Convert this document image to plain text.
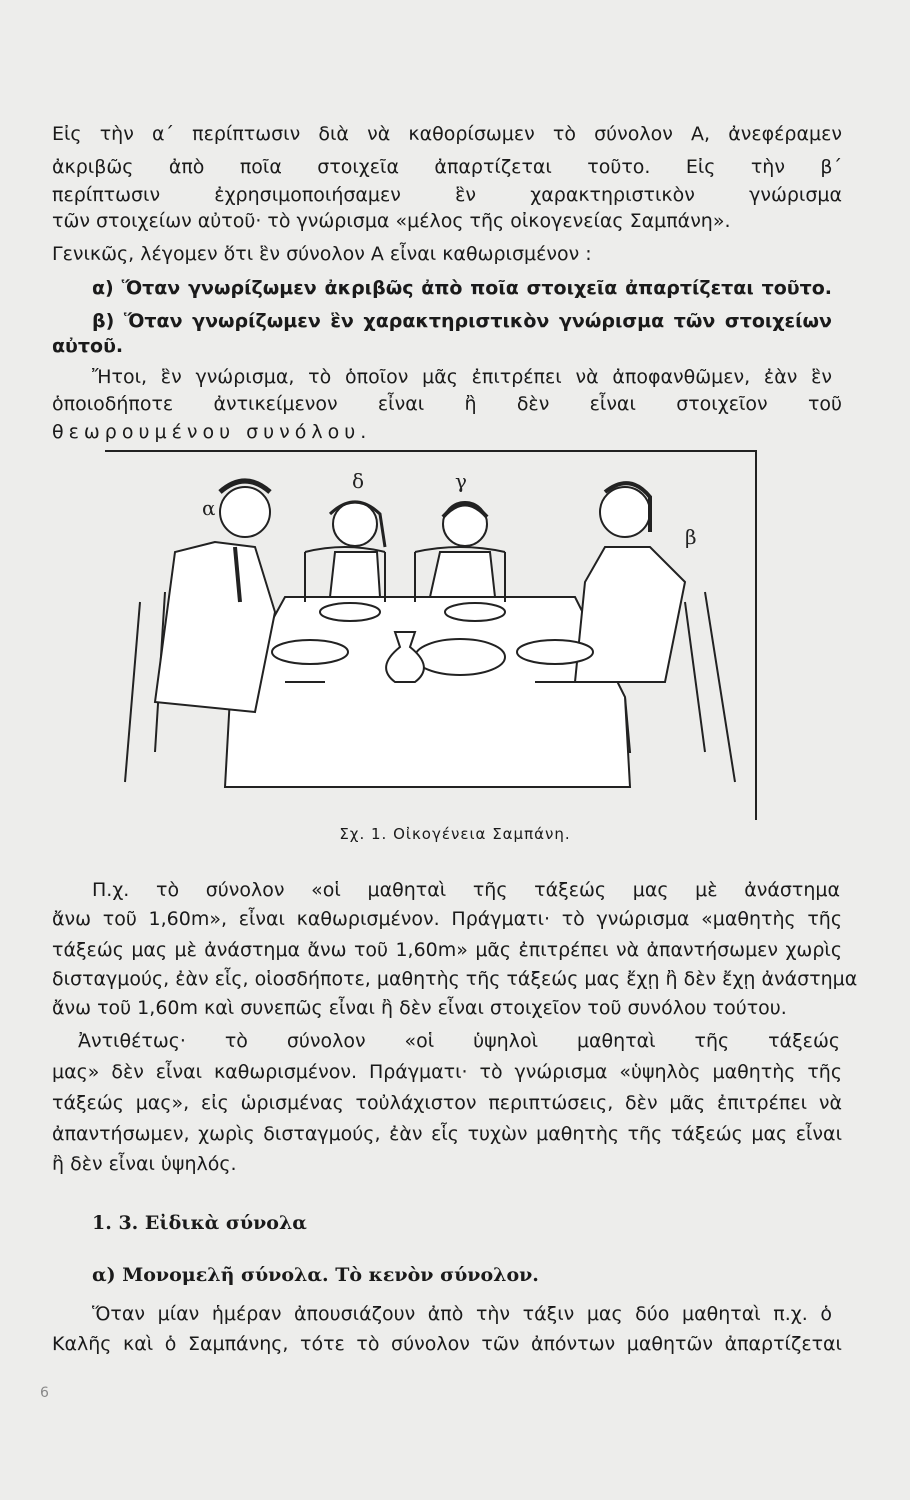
Εἰς τὴν α΄ περίπτωσιν διὰ νὰ καθορίσωμεν τὸ σύνολον Α, ἀνεφέραμεν
ἀκριβῶς ἀπὸ ποῖα στοιχεῖα ἀπαρτίζεται τοῦτο. Εἰς τὴν β΄
περίπτωσιν ἐχρησιμοποιήσαμεν ἓν χαρακτηριστικὸν γνώρισμα
τῶν στοιχείων αὐτοῦ· τὸ γνώρισμα «μέλος τῆς οἰκογενείας Σαμπάνη».
Γενικῶς, λέγομεν ὅτι ἓν σύνολον Α εἶναι καθωρισμένον :
α) Ὅταν γνωρίζωμεν ἀκριβῶς ἀπὸ ποῖα στοιχεῖα ἀπαρτίζεται τοῦτο.
β) Ὅταν γνωρίζωμεν ἓν χαρακτηριστικὸν γνώρισμα τῶν στοιχείων
αὐτοῦ.
Ἤτοι, ἓν γνώρισμα, τὸ ὁποῖον μᾶς ἐπιτρέπει νὰ ἀποφανθῶμεν, ἐὰν ἓν
ὁποιοδήποτε ἀντικείμενον εἶναι ἢ δὲν εἶναι στοιχεῖον τοῦ
θεωρουμένου συνόλου.
α
β
γ
δ
Σχ. 1. Οἰκογένεια Σαμπάνη.
Π.χ. τὸ σύνολον «οἱ μαθηταὶ τῆς τάξεώς μας μὲ ἀνάστημα
ἄνω τοῦ 1,60m», εἶναι καθωρισμένον. Πράγματι· τὸ γνώρισμα «μαθητὴς τῆς
τάξεώς μας μὲ ἀνάστημα ἄνω τοῦ 1,60m» μᾶς ἐπιτρέπει νὰ ἀπαντήσωμεν χωρὶς
δισταγμούς, ἐὰν εἷς, οἱοσδήποτε, μαθητὴς τῆς τάξεώς μας ἔχῃ ἢ δὲν ἔχῃ ἀνάστημα
ἄνω τοῦ 1,60m καὶ συνεπῶς εἶναι ἢ δὲν εἶναι στοιχεῖον τοῦ συνόλου τούτου.
Ἀντιθέτως· τὸ σύνολον «οἱ ὑψηλοὶ μαθηταὶ τῆς τάξεώς
μας» δὲν εἶναι καθωρισμένον. Πράγματι· τὸ γνώρισμα «ὑψηλὸς μαθητὴς τῆς
τάξεώς μας», εἰς ὡρισμένας τοὐλάχιστον περιπτώσεις, δὲν μᾶς ἐπιτρέπει νὰ
ἀπαντήσωμεν, χωρὶς δισταγμούς, ἐὰν εἷς τυχὼν μαθητὴς τῆς τάξεώς μας εἶναι
ἢ δὲν εἶναι ὑψηλός.
1. 3. Εἰδικὰ σύνολα
α) Μονομελῆ σύνολα. Τὸ κενὸν σύνολον.
Ὅταν μίαν ἡμέραν ἀπουσιάζουν ἀπὸ τὴν τάξιν μας δύο μαθηταὶ π.χ. ὁ
Καλῆς καὶ ὁ Σαμπάνης, τότε τὸ σύνολον τῶν ἀπόντων μαθητῶν ἀπαρτίζεται
6
